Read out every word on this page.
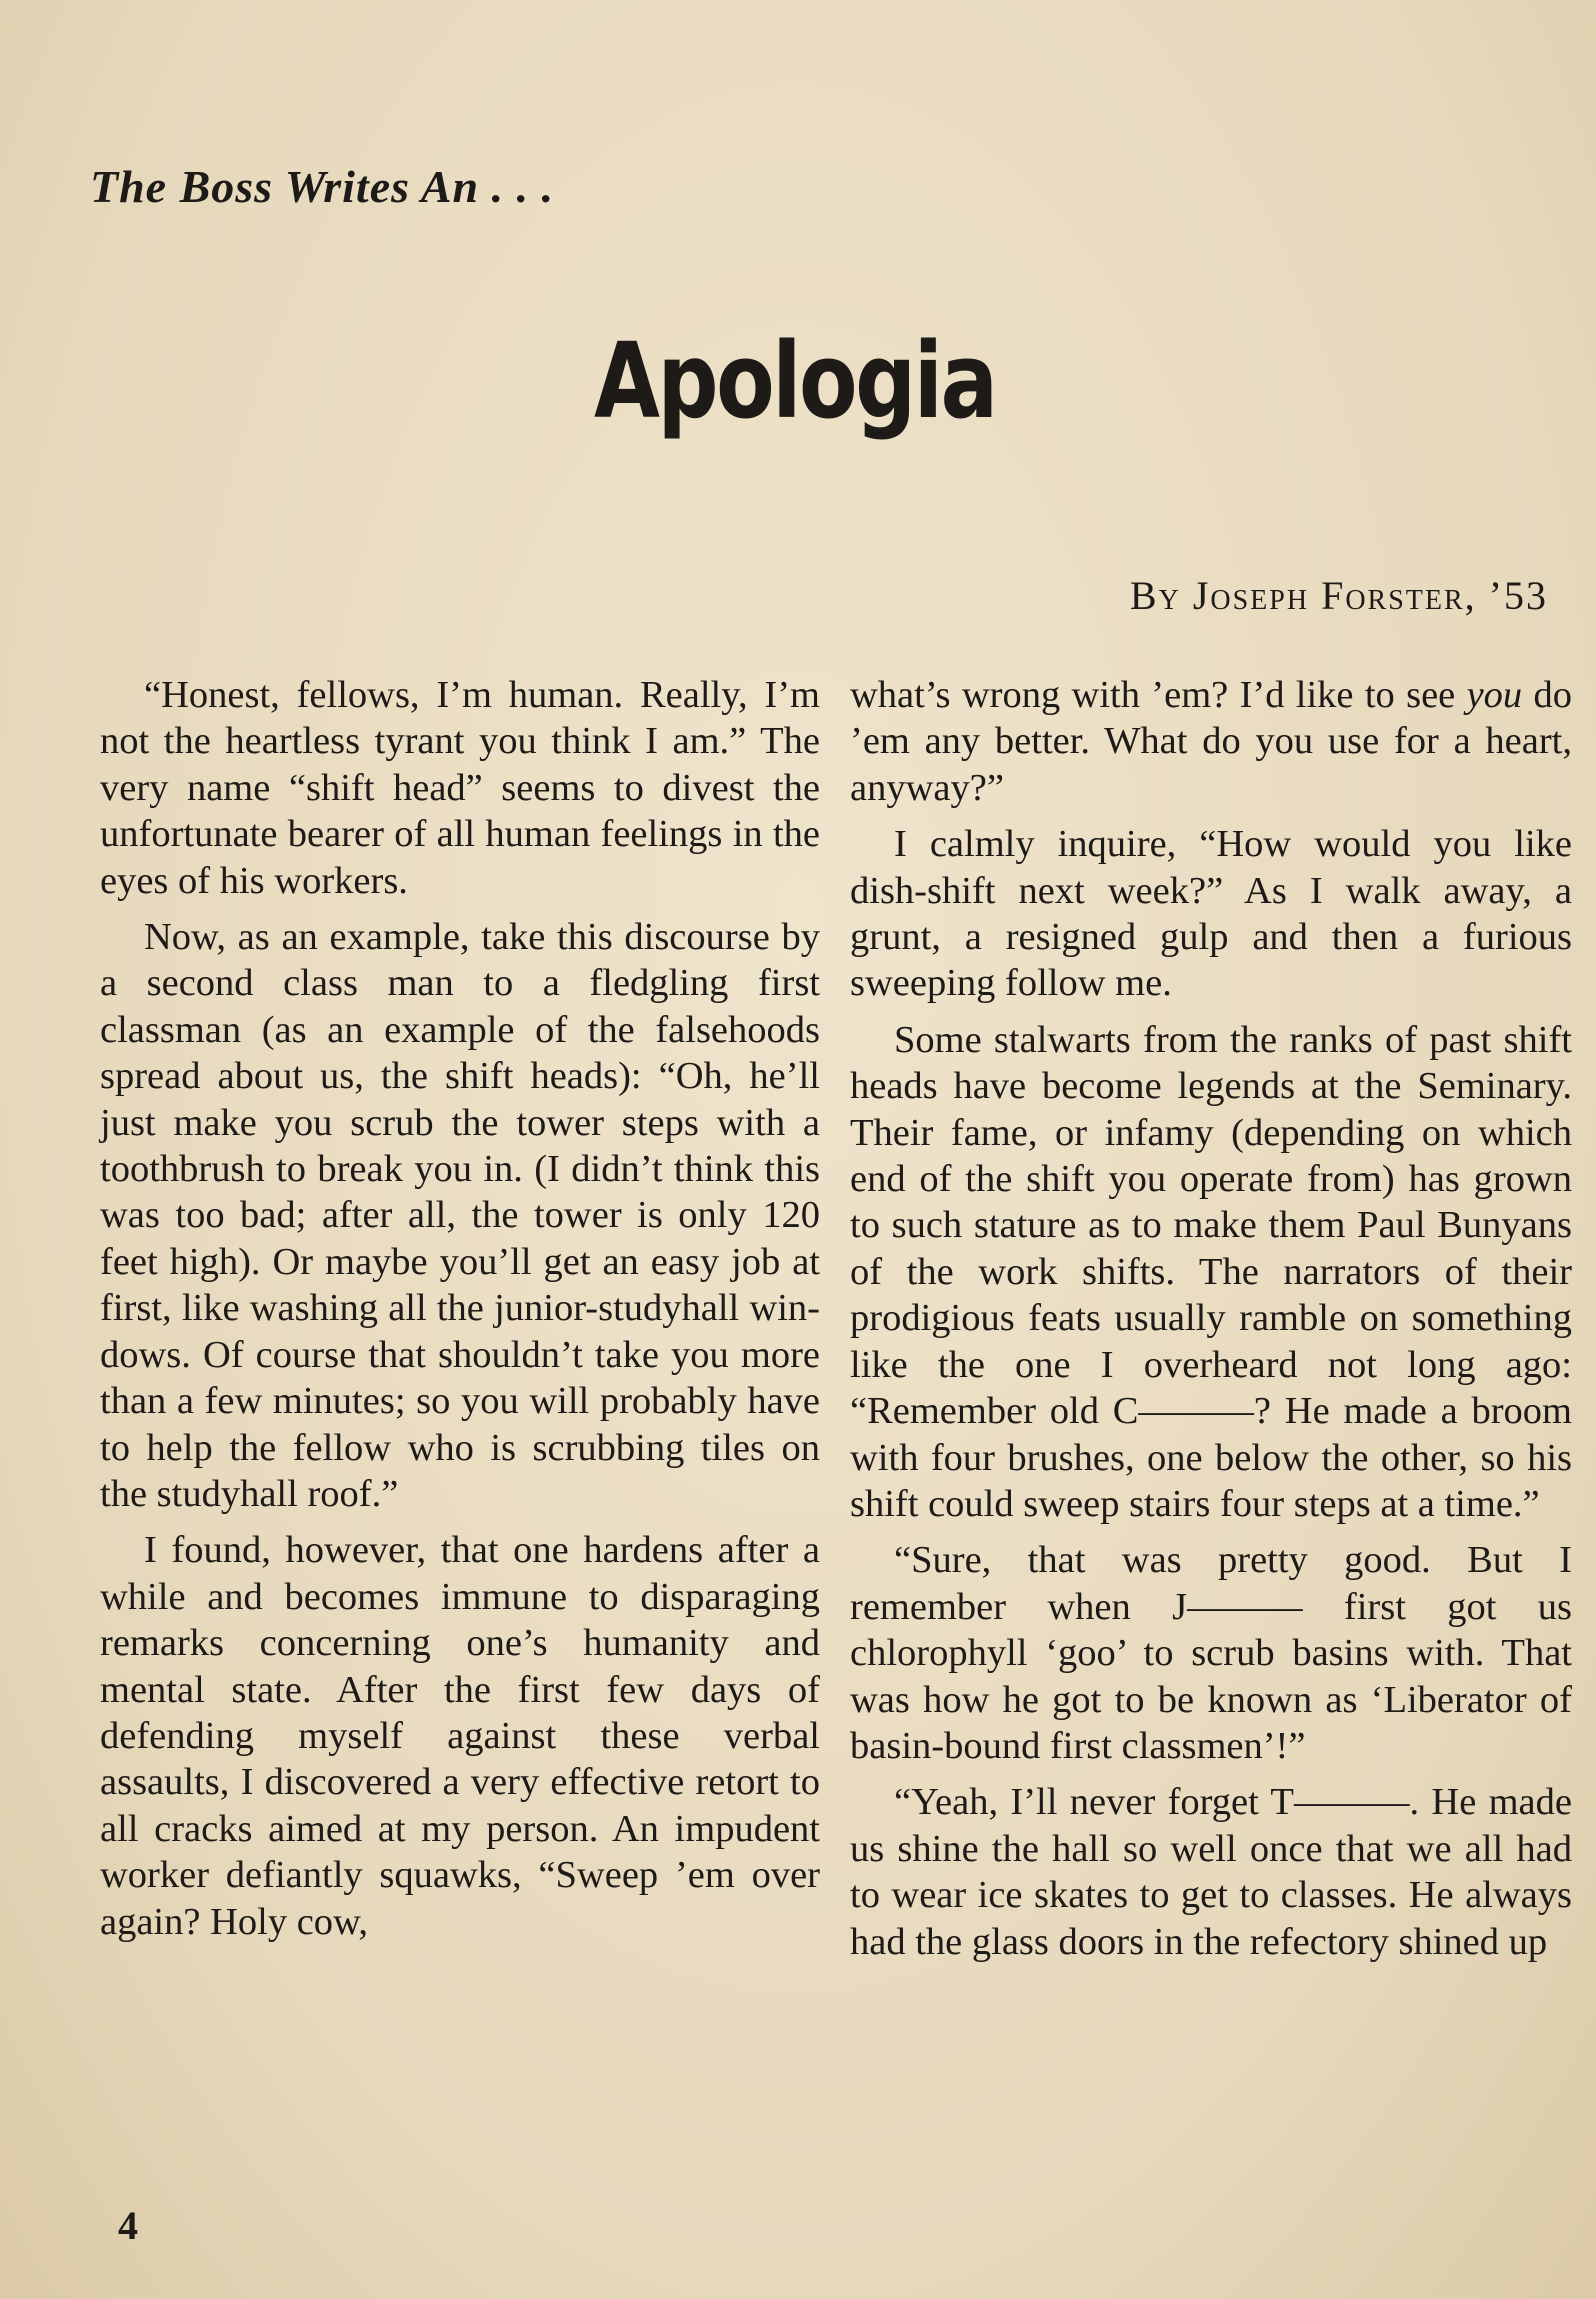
The Boss Writes An . . .
Apologia
By Joseph Forster, ’53

“Honest, fellows, I’m human. Really, I’m not the heartless tyrant you think I am.” The very name “shift head” seems to divest the unfortunate bearer of all human feelings in the eyes of his workers.

Now, as an example, take this discourse by a second class man to a fledgling first classman (as an example of the falsehoods spread about us, the shift heads): “Oh, he’ll just make you scrub the tower steps with a toothbrush to break you in. (I didn’t think this was too bad; after all, the tower is only 120 feet high). Or maybe you’ll get an easy job at first, like washing all the junior-studyhall windows. Of course that shouldn’t take you more than a few minutes; so you will probably have to help the fellow who is scrubbing tiles on the studyhall roof.”

I found, however, that one hardens after a while and becomes immune to disparaging remarks concerning one’s humanity and mental state. After the first few days of defending myself against these verbal assaults, I discovered a very effective retort to all cracks aimed at my person. An impudent worker defiantly squawks, “Sweep ’em over again? Holy cow,

what’s wrong with ’em? I’d like to see you do ’em any better. What do you use for a heart, anyway?”

I calmly inquire, “How would you like dish-shift next week?” As I walk away, a grunt, a resigned gulp and then a furious sweeping follow me.

Some stalwarts from the ranks of past shift heads have become legends at the Seminary. Their fame, or infamy (depending on which end of the shift you operate from) has grown to such stature as to make them Paul Bunyans of the work shifts. The narrators of their prodigious feats usually ramble on something like the one I overheard not long ago: “Remember old C———? He made a broom with four brushes, one below the other, so his shift could sweep stairs four steps at a time.”

“Sure, that was pretty good. But I remember when J——— first got us chlorophyll ‘goo’ to scrub basins with. That was how he got to be known as ‘Liberator of basin-bound first classmen’!”

“Yeah, I’ll never forget T———. He made us shine the hall so well once that we all had to wear ice skates to get to classes. He always had the glass doors in the refectory shined up

4
